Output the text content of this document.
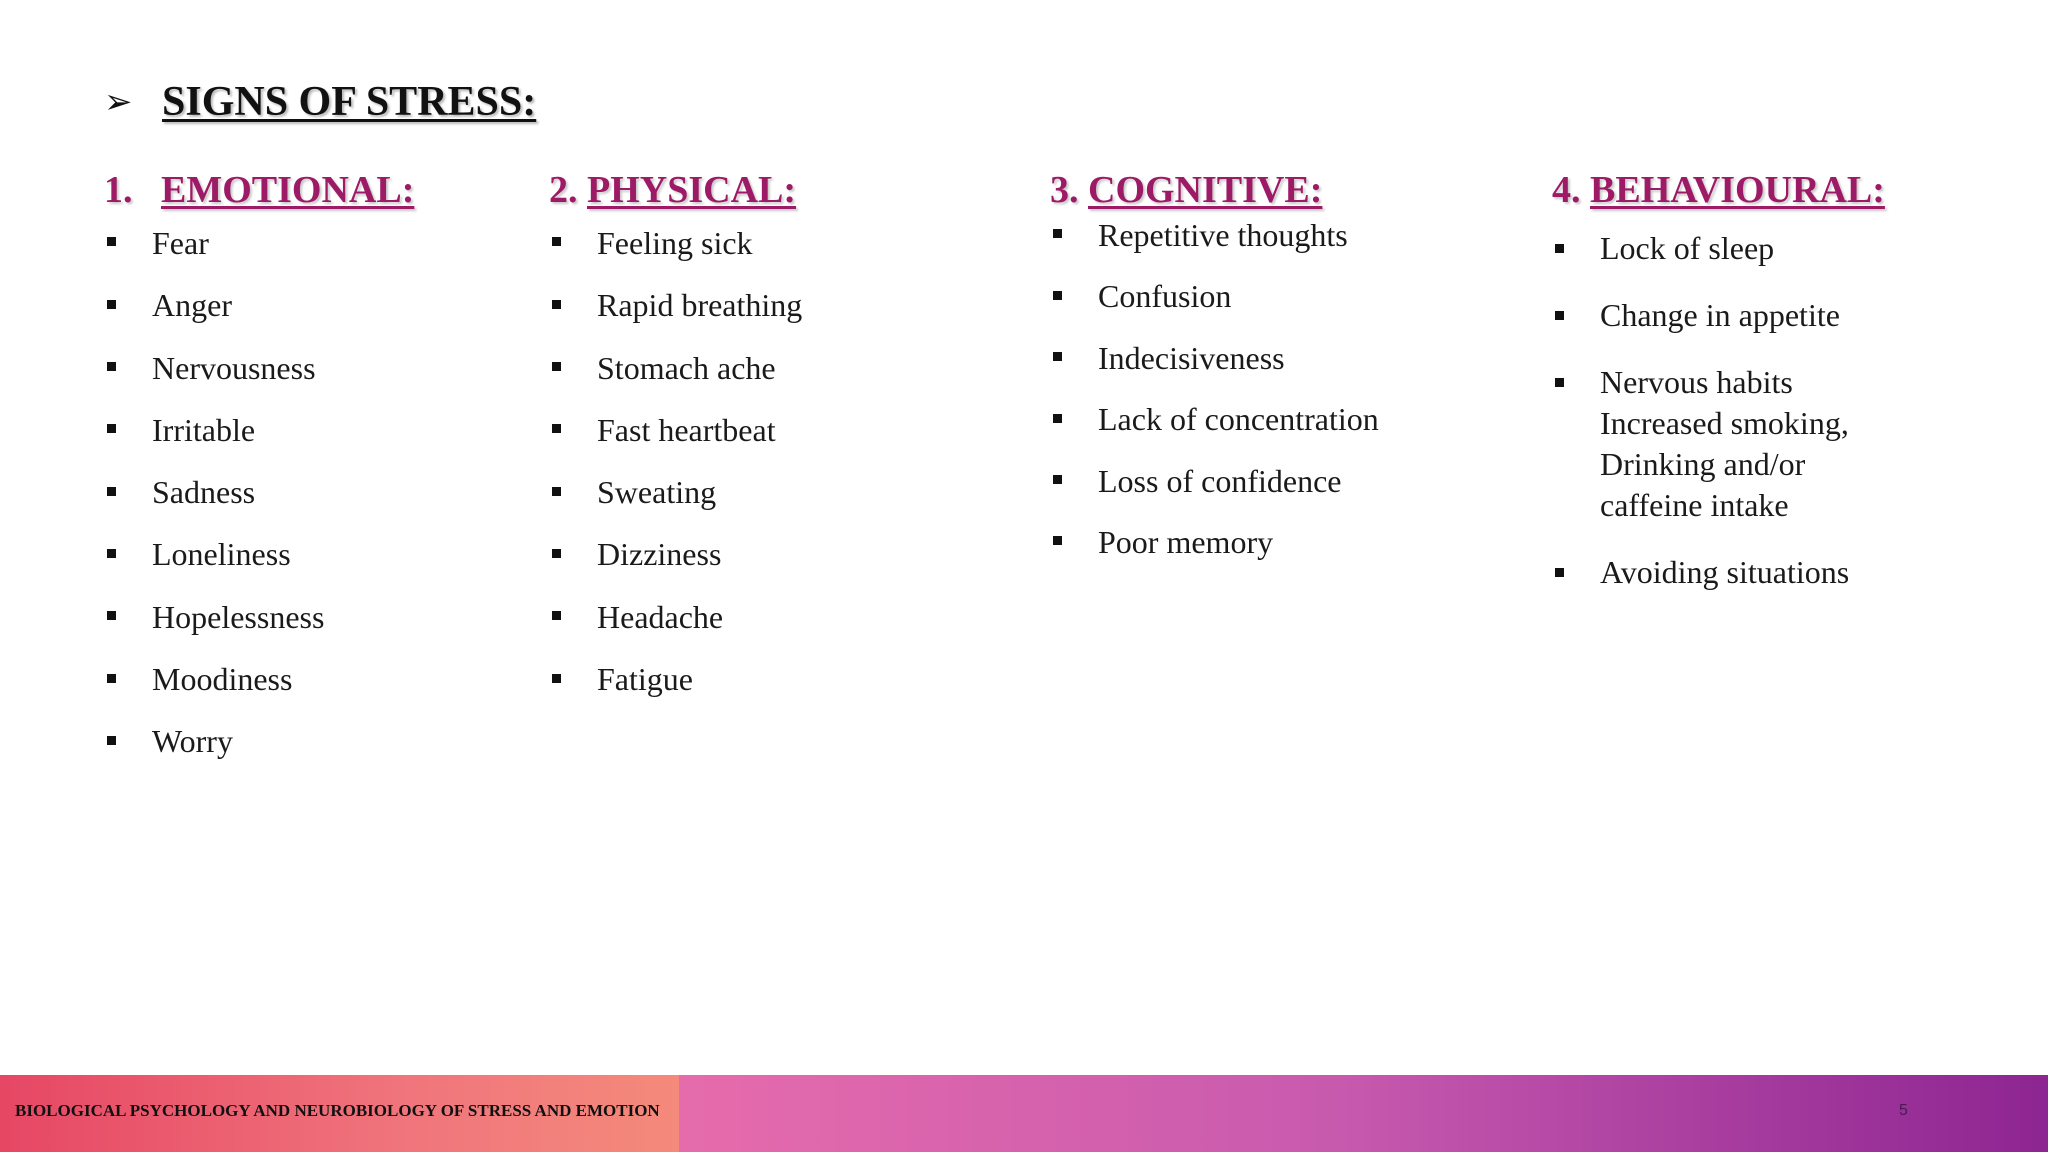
➢ SIGNS OF STRESS:
1. EMOTIONAL:
Fear
Anger
Nervousness
Irritable
Sadness
Loneliness
Hopelessness
Moodiness
Worry
2. PHYSICAL:
Feeling sick
Rapid breathing
Stomach ache
Fast heartbeat
Sweating
Dizziness
Headache
Fatigue
3. COGNITIVE:
Repetitive thoughts
Confusion
Indecisiveness
Lack of concentration
Loss of confidence
Poor memory
4. BEHAVIOURAL:
Lock of sleep
Change in appetite
Nervous habits
Increased smoking,
Drinking and/or
caffeine intake
Avoiding situations
BIOLOGICAL PSYCHOLOGY AND NEUROBIOLOGY OF STRESS AND EMOTION	5
